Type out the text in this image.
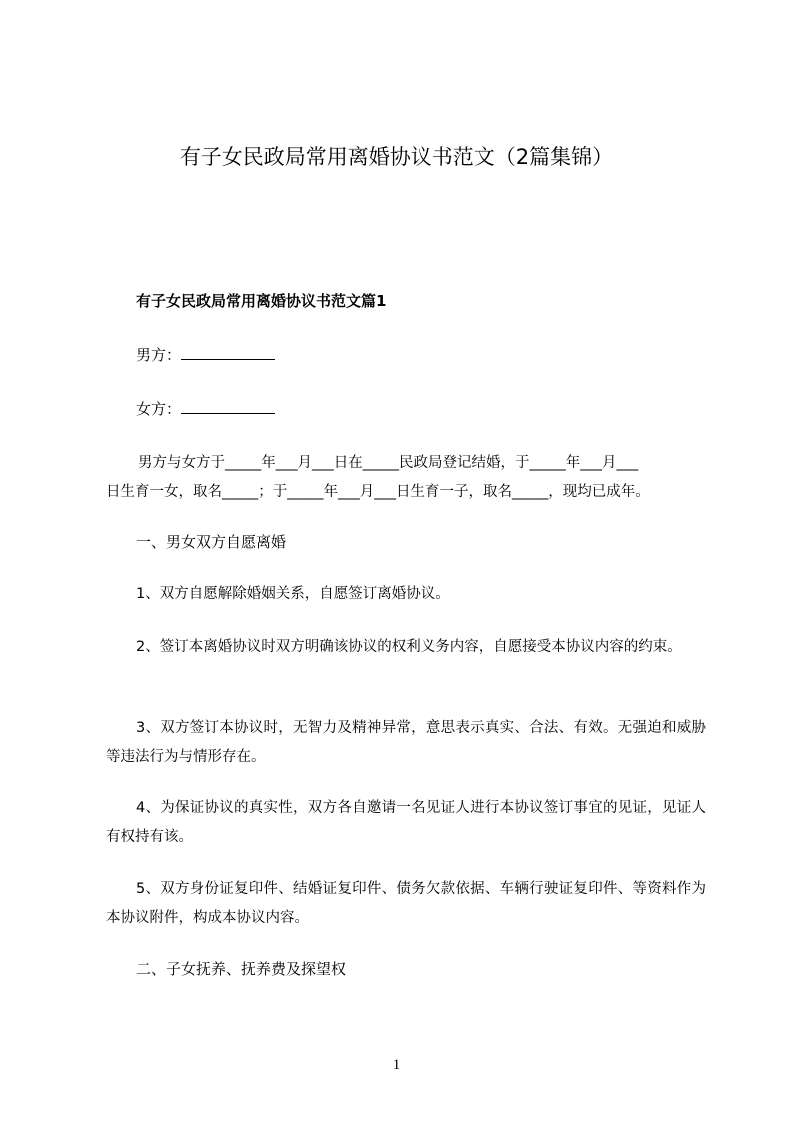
有子女民政局常用离婚协议书范文（2篇集锦）
有子女民政局常用离婚协议书范文篇1
男方：
女方：
男方与女方于_____年___月___日在_____民政局登记结婚，于_____年___月___
日生育一女，取名_____；于_____年___月___日生育一子，取名_____，现均已成年。
一、男女双方自愿离婚
1、双方自愿解除婚姻关系，自愿签订离婚协议。
2、签订本离婚协议时双方明确该协议的权利义务内容，自愿接受本协议内容的约束。
3、双方签订本协议时，无智力及精神异常，意思表示真实、合法、有效。无强迫和威胁等违法行为与情形存在。
4、为保证协议的真实性，双方各自邀请一名见证人进行本协议签订事宜的见证，见证人有权持有该。
5、双方身份证复印件、结婚证复印件、债务欠款依据、车辆行驶证复印件、等资料作为本协议附件，构成本协议内容。
二、子女抚养、抚养费及探望权
1
